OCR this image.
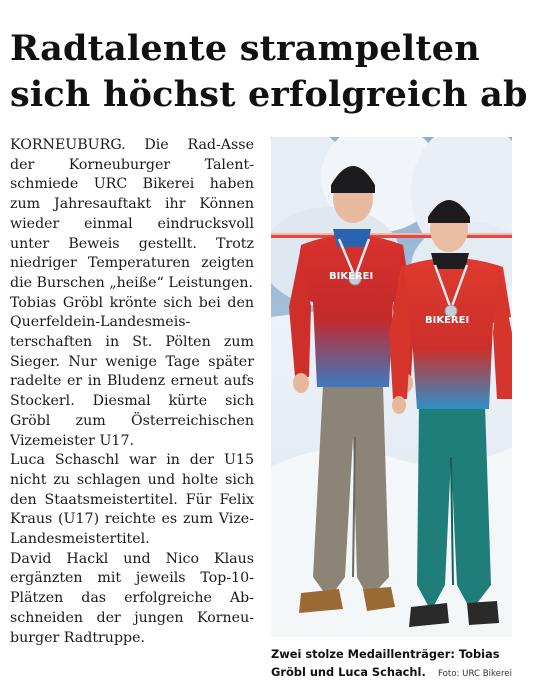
Radtalente strampelten
sich höchst erfolgreich ab

KORNEUBURG. Die Rad-Asse der Korneuburger Talentschmiede URC Bikerei haben zum Jahresauftakt ihr Können wieder einmal eindrucksvoll unter Beweis gestellt. Trotz niedriger Temperaturen zeigten die Burschen „heiße“ Leistungen.

Tobias Gröbl krönte sich bei den Querfeldein-Landesmeisterschaften in St. Pölten zum Sieger. Nur wenige Tage später radelte er in Bludenz erneut aufs Stockerl. Diesmal kürte sich Gröbl zum Österreichischen Vizemeister U17.

Luca Schaschl war in der U15 nicht zu schlagen und holte sich den Staatsmeistertitel. Für Felix Kraus (U17) reichte es zum Vize-Landesmeistertitel.

David Hackl und Nico Klaus ergänzten mit jeweils Top-10-Plätzen das erfolgreiche Abschneiden der jungen Korneuburger Radtruppe.

BIKEREI
BIKEREI
Zwei stolze Medaillenträger: Tobias
Gröbl und Luca Schachl.	Foto: URC Bikerei
